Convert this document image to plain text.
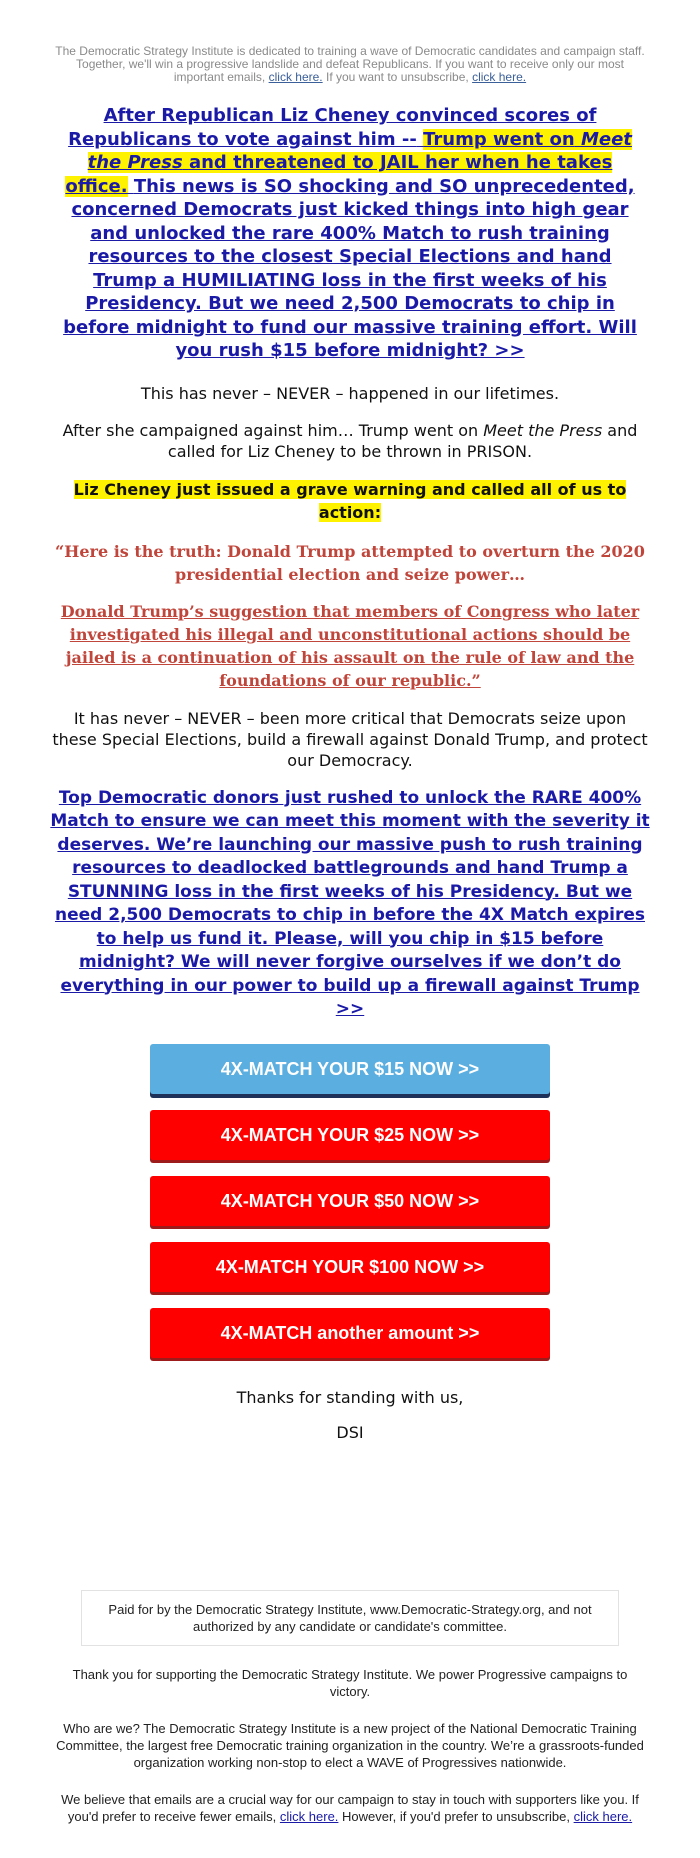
The Democratic Strategy Institute is dedicated to training a wave of Democratic candidates and campaign staff. Together, we'll win a progressive landslide and defeat Republicans. If you want to receive only our most important emails, click here. If you want to unsubscribe, click here.
After Republican Liz Cheney convinced scores of Republicans to vote against him -- Trump went on Meet the Press and threatened to JAIL her when he takes office. This news is SO shocking and SO unprecedented, concerned Democrats just kicked things into high gear and unlocked the rare 400% Match to rush training resources to the closest Special Elections and hand Trump a HUMILIATING loss in the first weeks of his Presidency. But we need 2,500 Democrats to chip in before midnight to fund our massive training effort. Will you rush $15 before midnight? >>
This has never – NEVER – happened in our lifetimes.
After she campaigned against him… Trump went on Meet the Press and called for Liz Cheney to be thrown in PRISON.
Liz Cheney just issued a grave warning and called all of us to action:
“Here is the truth: Donald Trump attempted to overturn the 2020 presidential election and seize power…
Donald Trump’s suggestion that members of Congress who later investigated his illegal and unconstitutional actions should be jailed is a continuation of his assault on the rule of law and the foundations of our republic.”
It has never – NEVER – been more critical that Democrats seize upon these Special Elections, build a firewall against Donald Trump, and protect our Democracy.
Top Democratic donors just rushed to unlock the RARE 400% Match to ensure we can meet this moment with the severity it deserves. We’re launching our massive push to rush training resources to deadlocked battlegrounds and hand Trump a STUNNING loss in the first weeks of his Presidency. But we need 2,500 Democrats to chip in before the 4X Match expires to help us fund it. Please, will you chip in $15 before midnight? We will never forgive ourselves if we don’t do everything in our power to build up a firewall against Trump >>
4X-MATCH YOUR $15 NOW >>
4X-MATCH YOUR $25 NOW >>
4X-MATCH YOUR $50 NOW >>
4X-MATCH YOUR $100 NOW >>
4X-MATCH another amount >>
Thanks for standing with us,
DSI
Paid for by the Democratic Strategy Institute, www.Democratic-Strategy.org, and not authorized by any candidate or candidate's committee.
Thank you for supporting the Democratic Strategy Institute. We power Progressive campaigns to victory.
Who are we? The Democratic Strategy Institute is a new project of the National Democratic Training Committee, the largest free Democratic training organization in the country. We’re a grassroots-funded organization working non-stop to elect a WAVE of Progressives nationwide.
We believe that emails are a crucial way for our campaign to stay in touch with supporters like you. If you'd prefer to receive fewer emails, click here. However, if you'd prefer to unsubscribe, click here.
